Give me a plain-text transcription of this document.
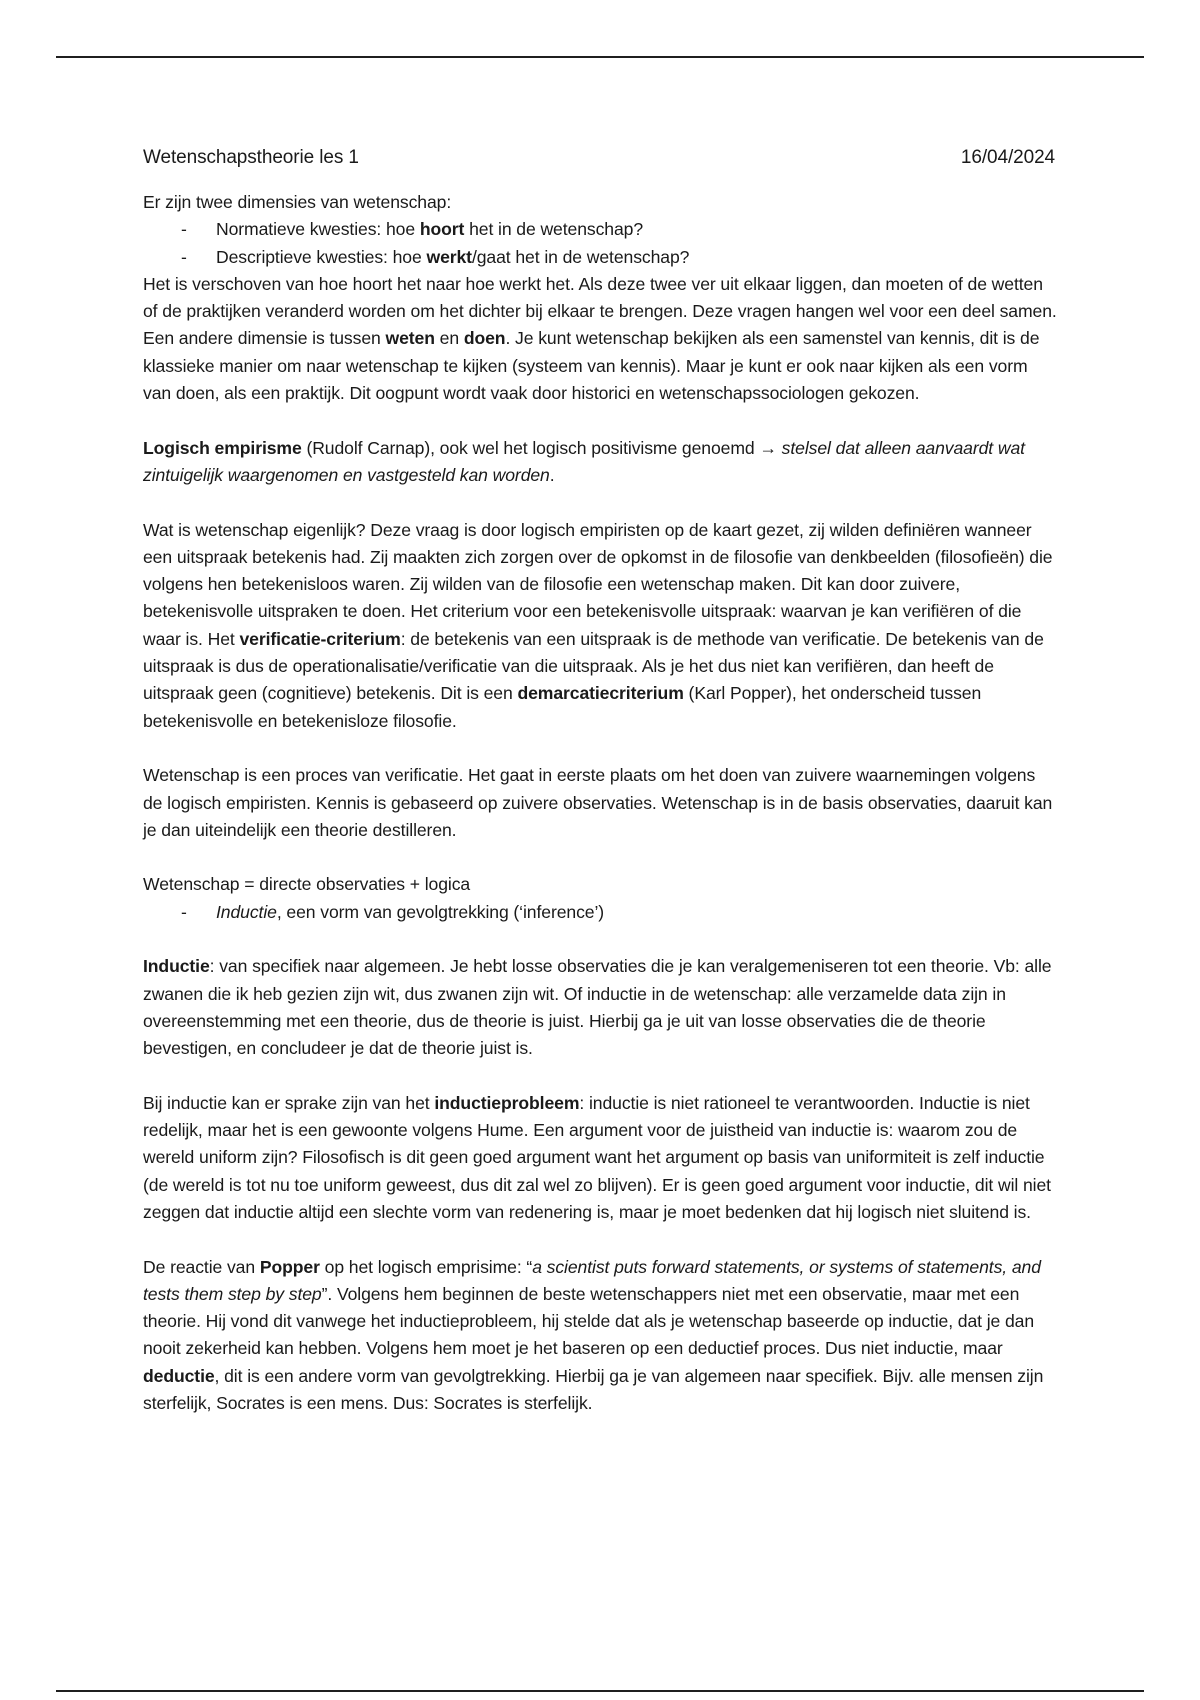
Wetenschapstheorie les 1	16/04/2024

Er zijn twee dimensies van wetenschap:

- Normatieve kwesties: hoe hoort het in de wetenschap?
- Descriptieve kwesties: hoe werkt/gaat het in de wetenschap?

Het is verschoven van hoe hoort het naar hoe werkt het. Als deze twee ver uit elkaar liggen, dan moeten of de wetten of de praktijken veranderd worden om het dichter bij elkaar te brengen. Deze vragen hangen wel voor een deel samen. Een andere dimensie is tussen weten en doen. Je kunt wetenschap bekijken als een samenstel van kennis, dit is de klassieke manier om naar wetenschap te kijken (systeem van kennis). Maar je kunt er ook naar kijken als een vorm van doen, als een praktijk. Dit oogpunt wordt vaak door historici en wetenschapssociologen gekozen.

Logisch empirisme (Rudolf Carnap), ook wel het logisch positivisme genoemd → stelsel dat alleen aanvaardt wat zintuigelijk waargenomen en vastgesteld kan worden.

Wat is wetenschap eigenlijk? Deze vraag is door logisch empiristen op de kaart gezet, zij wilden definiëren wanneer een uitspraak betekenis had. Zij maakten zich zorgen over de opkomst in de filosofie van denkbeelden (filosofieën) die volgens hen betekenisloos waren. Zij wilden van de filosofie een wetenschap maken. Dit kan door zuivere, betekenisvolle uitspraken te doen. Het criterium voor een betekenisvolle uitspraak: waarvan je kan verifiëren of die waar is. Het verificatie-criterium: de betekenis van een uitspraak is de methode van verificatie. De betekenis van de uitspraak is dus de operationalisatie/verificatie van die uitspraak. Als je het dus niet kan verifiëren, dan heeft de uitspraak geen (cognitieve) betekenis. Dit is een demarcatiecriterium (Karl Popper), het onderscheid tussen betekenisvolle en betekenisloze filosofie.

Wetenschap is een proces van verificatie. Het gaat in eerste plaats om het doen van zuivere waarnemingen volgens de logisch empiristen. Kennis is gebaseerd op zuivere observaties. Wetenschap is in de basis observaties, daaruit kan je dan uiteindelijk een theorie destilleren.

Wetenschap = directe observaties + logica

- Inductie, een vorm van gevolgtrekking (‘inference’)

Inductie: van specifiek naar algemeen. Je hebt losse observaties die je kan veralgemeniseren tot een theorie. Vb: alle zwanen die ik heb gezien zijn wit, dus zwanen zijn wit. Of inductie in de wetenschap: alle verzamelde data zijn in overeenstemming met een theorie, dus de theorie is juist. Hierbij ga je uit van losse observaties die de theorie bevestigen, en concludeer je dat de theorie juist is.

Bij inductie kan er sprake zijn van het inductieprobleem: inductie is niet rationeel te verantwoorden. Inductie is niet redelijk, maar het is een gewoonte volgens Hume. Een argument voor de juistheid van inductie is: waarom zou de wereld uniform zijn? Filosofisch is dit geen goed argument want het argument op basis van uniformiteit is zelf inductie (de wereld is tot nu toe uniform geweest, dus dit zal wel zo blijven). Er is geen goed argument voor inductie, dit wil niet zeggen dat inductie altijd een slechte vorm van redenering is, maar je moet bedenken dat hij logisch niet sluitend is.

De reactie van Popper op het logisch emprisime: “a scientist puts forward statements, or systems of statements, and tests them step by step”. Volgens hem beginnen de beste wetenschappers niet met een observatie, maar met een theorie. Hij vond dit vanwege het inductieprobleem, hij stelde dat als je wetenschap baseerde op inductie, dat je dan nooit zekerheid kan hebben. Volgens hem moet je het baseren op een deductief proces. Dus niet inductie, maar deductie, dit is een andere vorm van gevolgtrekking. Hierbij ga je van algemeen naar specifiek. Bijv. alle mensen zijn sterfelijk, Socrates is een mens. Dus: Socrates is sterfelijk.
